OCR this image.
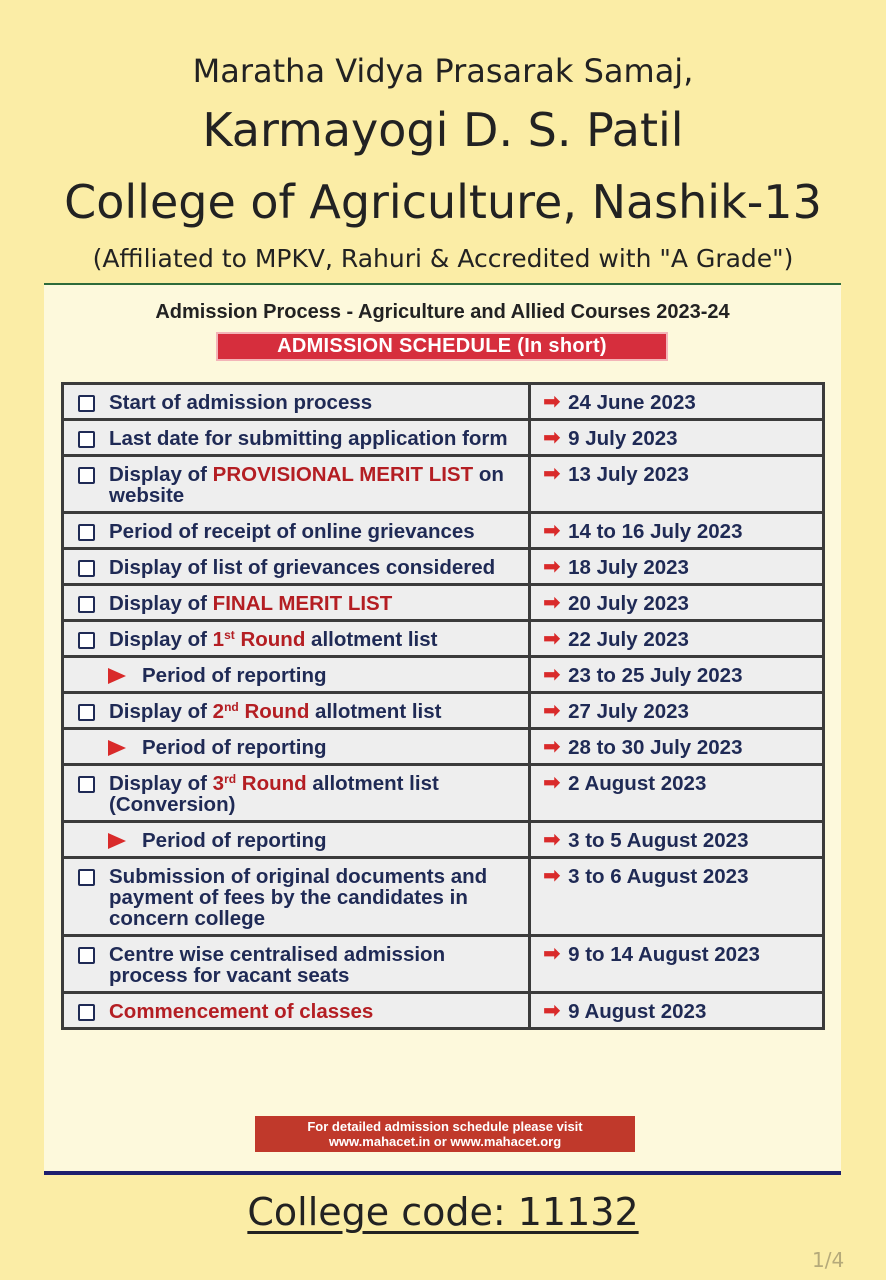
Maratha Vidya Prasarak Samaj,
Karmayogi D. S. Patil
College of Agriculture, Nashik-13
(Affiliated to MPKV, Rahuri & Accredited with "A Grade")
Admission Process - Agriculture and Allied Courses 2023-24
ADMISSION SCHEDULE (In short)
Start of admission process	➡ 24 June 2023

Last date for submitting application form	➡ 9 July 2023

Display of PROVISIONAL MERIT LIST on website	➡ 13 July 2023

Period of receipt of online grievances	➡ 14 to 16 July 2023

Display of list of grievances considered	➡ 18 July 2023

Display of FINAL MERIT LIST	➡ 20 July 2023

Display of 1st Round allotment list	➡ 22 July 2023

Period of reporting	➡ 23 to 25 July 2023

Display of 2nd Round allotment list	➡ 27 July 2023

Period of reporting	➡ 28 to 30 July 2023

Display of 3rd Round allotment list (Conversion)	➡ 2 August 2023

Period of reporting	➡ 3 to 5 August 2023

Submission of original documents and payment of fees by the candidates in concern college	➡ 3 to 6 August 2023

Centre wise centralised admission process for vacant seats	➡ 9 to 14 August 2023

Commencement of classes	➡ 9 August 2023
For detailed admission schedule please visit
www.mahacet.in or www.mahacet.org
College code: 11132
1/4
